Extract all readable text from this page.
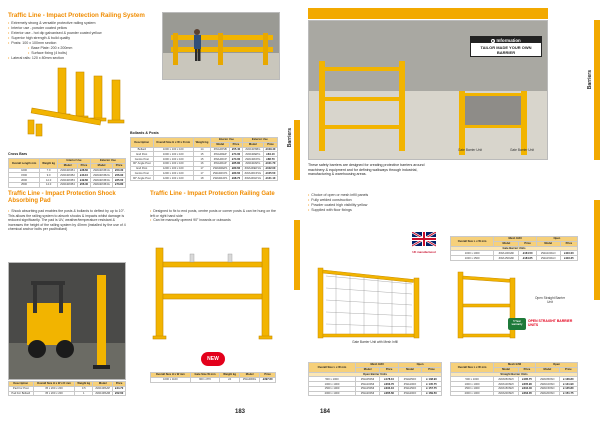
Traffic Line - Impact Protection Railing System
• Extremely strong & versatile protective railing system
• Interior use - powder coated yellow
• Exterior use - hot dip galvanised & powder coated yellow
• Superior high strength & build quality
• Posts: 100 x 100mm section
• Base Plate: 200 x 200mm
• Surface fixing (4 bolts)
• Lateral rails: 120 x 80mm section
Bollards & Posts
Description	Overall Size H x W x D mm	Weight kg	Interior Use		Exterior Use	
			Model	Price	Model	Price
Bollard	1000 x 100 x 100	14	ZWA4RSB	£55.40	ZWA4RSBG	£109.40
End Post	1000 x 100 x 100	15	ZWA4REP	£74.00	ZWA4REPG	£84.10
Centre Post	1000 x 100 x 100	15	ZWA4RCP	£74.00	ZWA4RCPG	£88.70
90° Angle Post	1000 x 100 x 100	16	ZWA4RAP	£85.80	ZWA4RAPG	£101.70
End Post	1200 x 100 x 100	17	ZWA4REP1	£80.60	ZWA4REP1G	£102.00
Centre Post	1200 x 100 x 100	17	ZWA4RCP1	£80.60	ZWA4RCP1G	£105.50
90° Angle Post	1200 x 100 x 100	18	ZWA4RAP1	£98.70	ZWA4RAP1G	£121.10
Cross Bars
Overall Length mm	Weight kg	Interior Use		Exterior Use	
		Model	Price	Model	Price
1000	7.0	ZWA4RCB1	£38.60	ZWA4RCB1G	£50.30
1500	9.0	ZWA4RCB2	£43.10	ZWA4RCB2G	£56.90
2000	12.0	ZWA4RCB3	£49.60	ZWA4RCB3G	£65.00
2500	14.0	ZWA4RCB4	£56.40	ZWA4RCB4G	£73.80
Traffic Line - Impact Protection Shock Absorbing Pad
• Shock absorbing pad enables the posts & bollards to deflect by up to 10°. This allows the railing system to absorb shocks & impacts whilst damage is reduced significantly. The pad is UV, weather/temperature resistant & increases the height of the railing system by 40mm (installed by the use of 4 chemical anchor bolts per pad/bollard)
Description	Overall Size H x W x D mm	Weight kg	Model	Price
Pad For Post	35 x 200 x 200	0.5	ZWA4RSAP	£44.70
Pad For Bollard	35 x 200 x 200	1	ZWA4RSAB	£52.60
Traffic Line - Impact Protection Railing Gate
• Designed to fix to end posts, centre posts or corner posts & can be hung on the left or right hand side
• Can be manually opened 90° inwards or outwards
NEW
Overall Size H x W mm	Gate Size W mm	Weight kg	Model	Price
1000 x 1100	900 x 870	24	ZWA4RRG	£397.60
Barriers
Site Safety & Premises
183
i Information
TAILOR MADE YOUR OWN BARRIER
Gate Barrier Unit	Gate Barrier Unit
Barriers
These safety barriers are designed for creating protective barriers around machinery & equipment and for defining walkways through industrial, manufacturing & warehousing areas.
• Choice of open or mesh infill panels
• Fully welded construction
• Powder coated high visibility yellow
• Supplied with floor fixings
UK manufactured
Gate Barrier Unit with Mesh Infill
Overall Size L x W mm	Mesh Infill		Open	
	Model	Price	Model	Price
Gate Barrier Units				
1000 x 1000	ZWA100GMI	£164.50	ZWA100GO	£110.00
1000 x 1500	ZWA150GMI	£184.65	ZWA150GO	£116.25
Open Straight Barrier Unit
5 Year warranty
OPEN STRAIGHT BARRIER UNITS
Overall Size L x W mm	Mesh Infill		Open	
	Model	Price	Model	Price
Open Barrier Units				
500 x 1000	ZWA050MI	£178.10	ZWA050O	£ 138.90
1000 x 1000	ZWA100MI	£203.70	ZWA100O	£ 145.75
1500 x 1000	ZWA150MI	£234.10	ZWA150O	£ 157.75
2000 x 1000	ZWA200MI	£265.60	ZWA200O	£ 169.50
Overall Size L x W mm	Mesh Infill		Open	
	Model	Price	Model	Price
Straight Barrier Units				
500 x 1000	ZWA050SMI	£185.75	ZWA050SO	£ 136.80
1000 x 1000	ZWA100SMI	£205.90	ZWA100SO	£ 141.90
1500 x 1000	ZWA150SMI	£234.40	ZWA150SO	£ 145.80
2000 x 1000	ZWA200SMI	£263.35	ZWA200SO	£ 151.75
Site Safety & Premises
184
